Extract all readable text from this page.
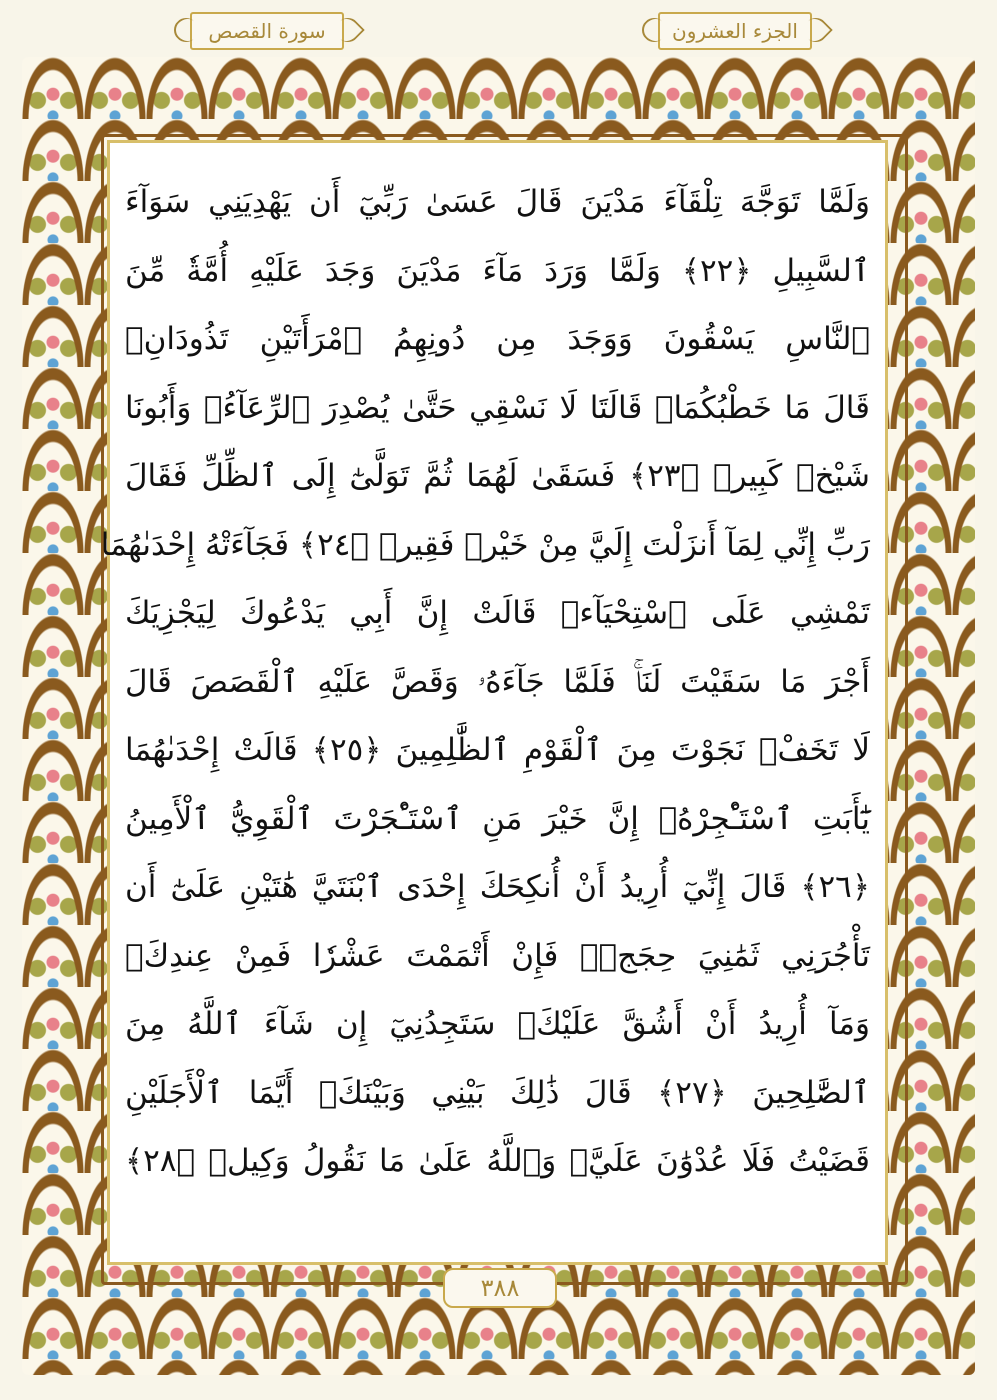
سورة القصص	الجزء العشرون
وَلَمَّا تَوَجَّهَ تِلْقَآءَ مَدْيَنَ قَالَ عَسَىٰ رَبِّيٓ أَن يَهْدِيَنِي سَوَآءَ
ٱلسَّبِيلِ ﴿٢٢﴾ وَلَمَّا وَرَدَ مَآءَ مَدْيَنَ وَجَدَ عَلَيْهِ أُمَّةٗ مِّنَ
ٱلنَّاسِ يَسْقُونَ وَوَجَدَ مِن دُونِهِمُ ٱمْرَأَتَيْنِ تَذُودَانِۖ
قَالَ مَا خَطْبُكُمَاۖ قَالَتَا لَا نَسْقِي حَتَّىٰ يُصْدِرَ ٱلرِّعَآءُۖ وَأَبُونَا
شَيْخٞ كَبِيرٞ ﴿٢٣﴾ فَسَقَىٰ لَهُمَا ثُمَّ تَوَلَّىٰٓ إِلَى ٱلظِّلِّ فَقَالَ
رَبِّ إِنِّي لِمَآ أَنزَلْتَ إِلَيَّ مِنْ خَيْرٖ فَقِيرٞ ﴿٢٤﴾ فَجَآءَتْهُ إِحْدَىٰهُمَا
تَمْشِي عَلَى ٱسْتِحْيَآءٖ قَالَتْ إِنَّ أَبِي يَدْعُوكَ لِيَجْزِيَكَ
أَجْرَ مَا سَقَيْتَ لَنَاۚ فَلَمَّا جَآءَهُۥ وَقَصَّ عَلَيْهِ ٱلْقَصَصَ قَالَ
لَا تَخَفْۖ نَجَوْتَ مِنَ ٱلْقَوْمِ ٱلظَّٰلِمِينَ ﴿٢٥﴾ قَالَتْ إِحْدَىٰهُمَا
يَٰٓأَبَتِ ٱسْتَـْٔجِرْهُۖ إِنَّ خَيْرَ مَنِ ٱسْتَـْٔجَرْتَ ٱلْقَوِيُّ ٱلْأَمِينُ
﴿٢٦﴾ قَالَ إِنِّيٓ أُرِيدُ أَنْ أُنكِحَكَ إِحْدَى ٱبْنَتَيَّ هَٰتَيْنِ عَلَىٰٓ أَن
تَأْجُرَنِي ثَمَٰنِيَ حِجَجٖۖ فَإِنْ أَتْمَمْتَ عَشْرٗا فَمِنْ عِندِكَۖ
وَمَآ أُرِيدُ أَنْ أَشُقَّ عَلَيْكَۚ سَتَجِدُنِيٓ إِن شَآءَ ٱللَّهُ مِنَ
ٱلصَّٰلِحِينَ ﴿٢٧﴾ قَالَ ذَٰلِكَ بَيْنِي وَبَيْنَكَۖ أَيَّمَا ٱلْأَجَلَيْنِ
قَضَيْتُ فَلَا عُدْوَٰنَ عَلَيَّۖ وَٱللَّهُ عَلَىٰ مَا نَقُولُ وَكِيلٞ ﴿٢٨﴾
٣٨٨
